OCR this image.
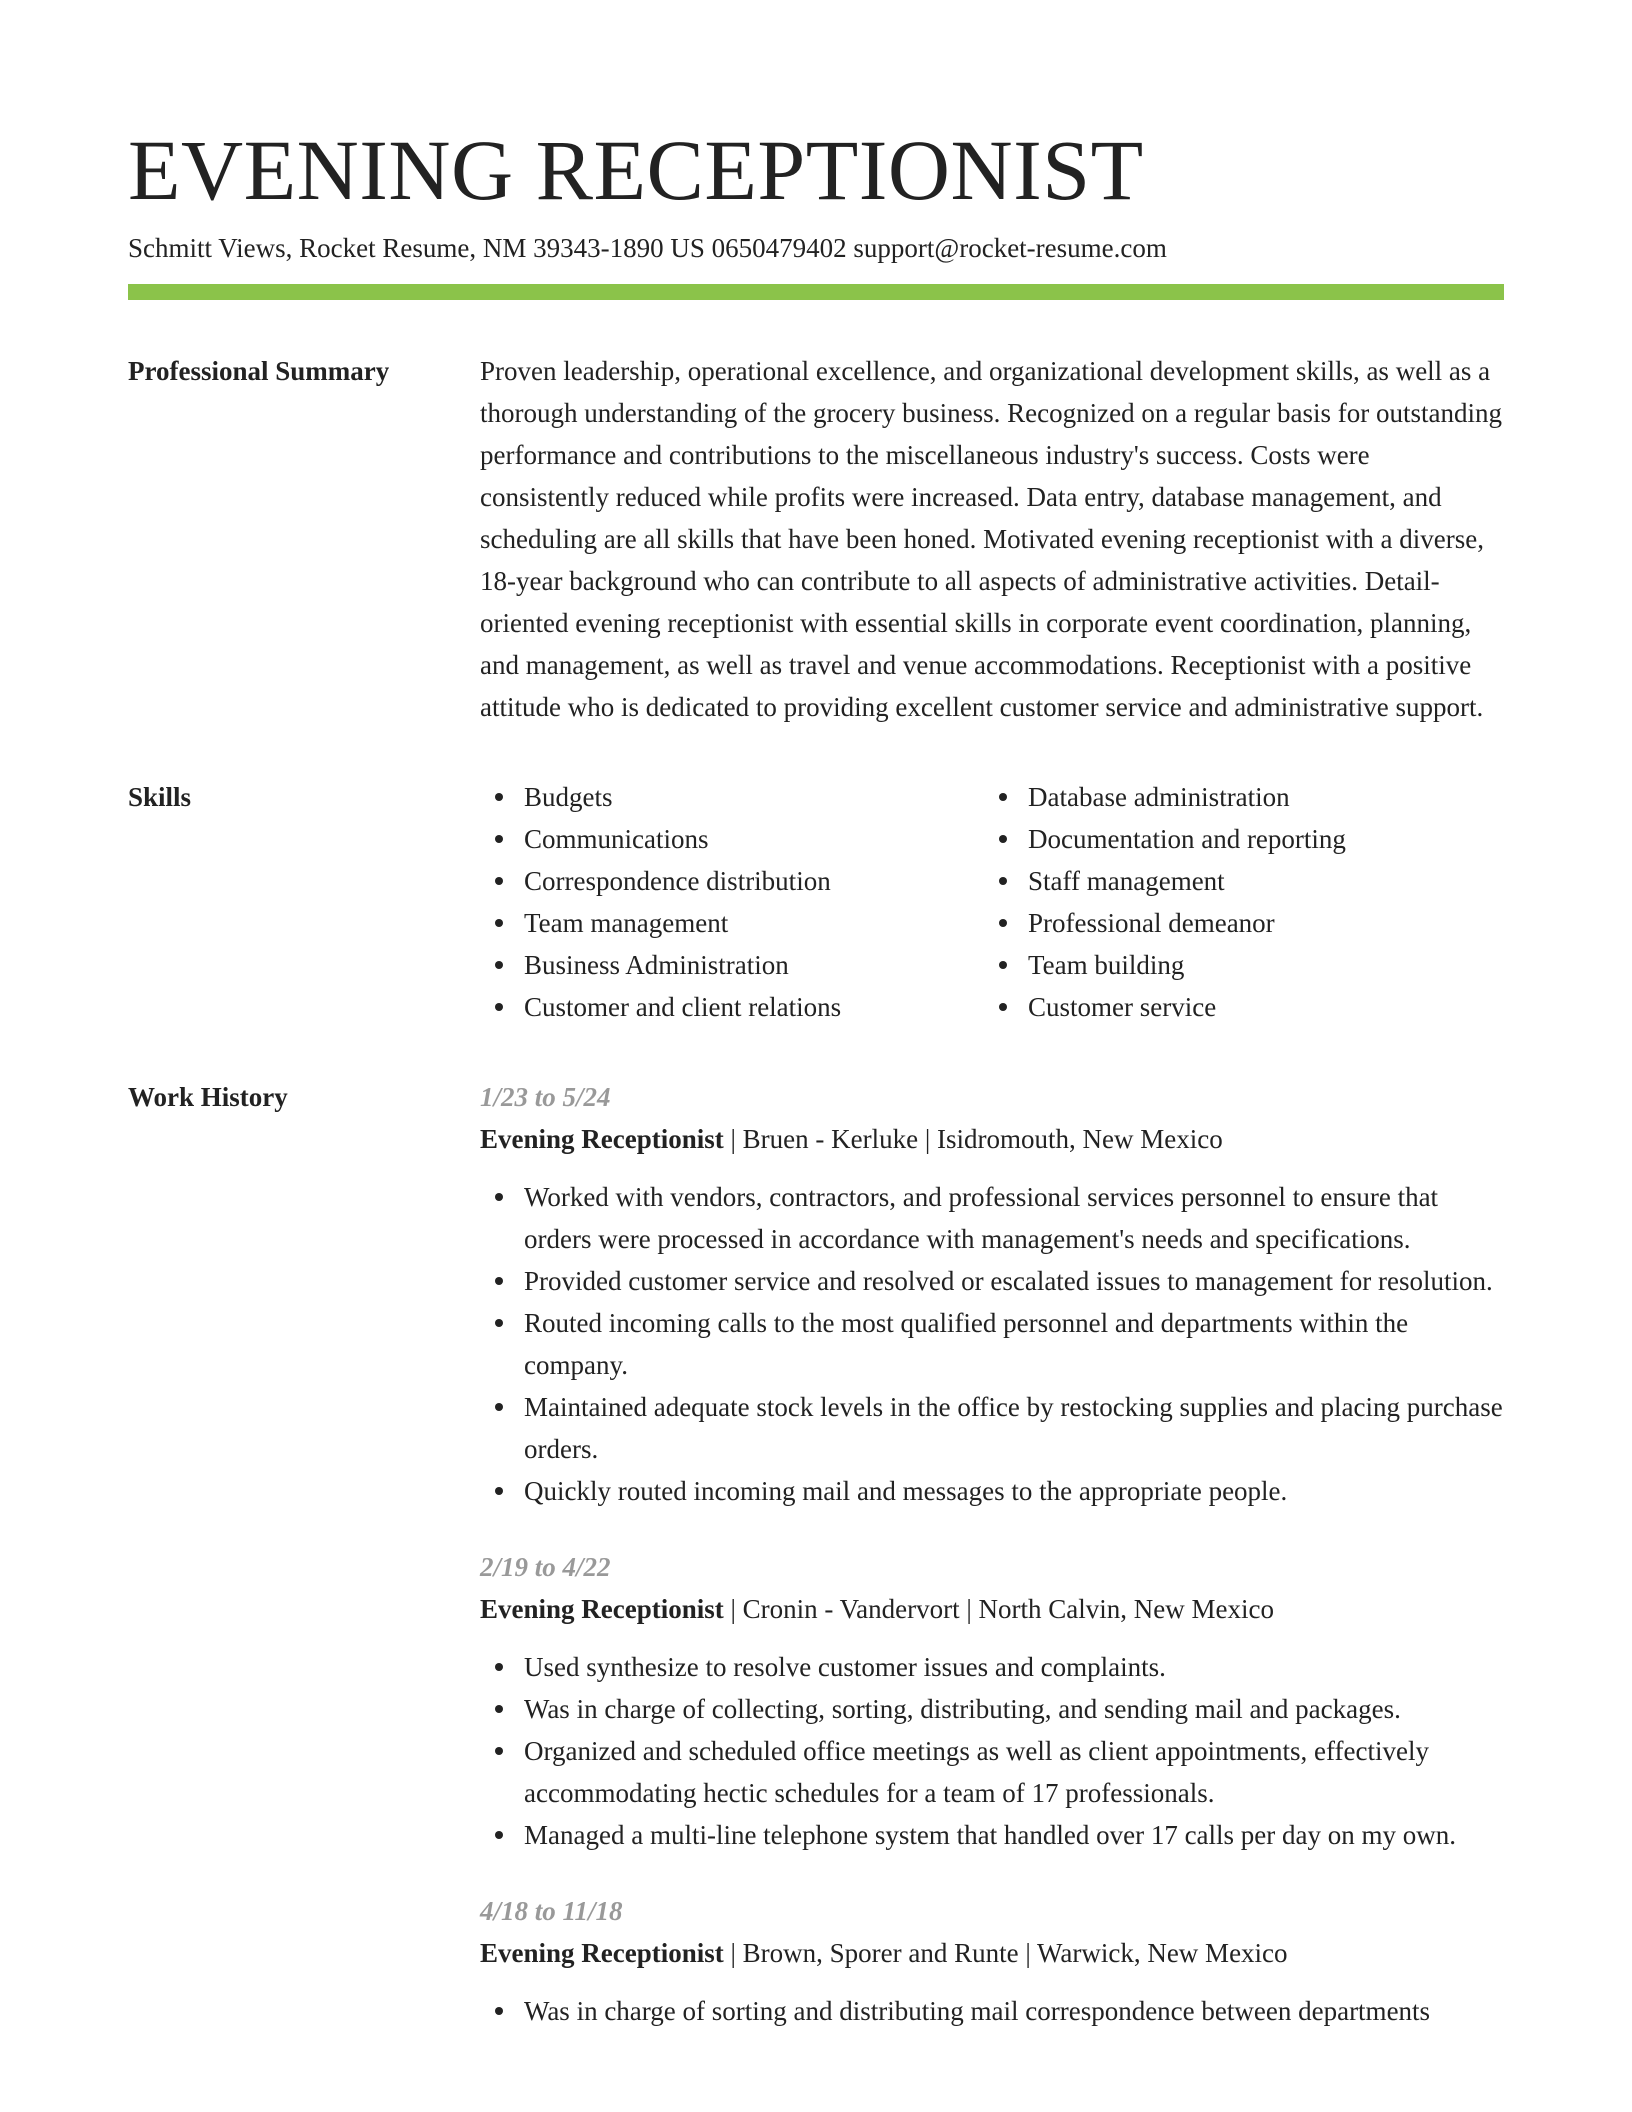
EVENING RECEPTIONIST
Schmitt Views, Rocket Resume, NM 39343-1890 US 0650479402 support@rocket-resume.com
Professional Summary	Proven leadership, operational excellence, and organizational development skills, as well as a thorough understanding of the grocery business. Recognized on a regular basis for outstanding performance and contributions to the miscellaneous industry's success. Costs were consistently reduced while profits were increased. Data entry, database management, and scheduling are all skills that have been honed. Motivated evening receptionist with a diverse, 18-year background who can contribute to all aspects of administrative activities. Detail-oriented evening receptionist with essential skills in corporate event coordination, planning, and management, as well as travel and venue accommodations. Receptionist with a positive attitude who is dedicated to providing excellent customer service and administrative support.

Skills	Budgets
Communications
Correspondence distribution
Team management
Business Administration
Customer and client relations
Database administration
Documentation and reporting
Staff management
Professional demeanor
Team building
Customer service
Work History	1/23 to 5/24
Evening Receptionist | Bruen - Kerluke | Isidromouth, New Mexico
Worked with vendors, contractors, and professional services personnel to ensure that orders were processed in accordance with management's needs and specifications.
Provided customer service and resolved or escalated issues to management for resolution.
Routed incoming calls to the most qualified personnel and departments within the company.
Maintained adequate stock levels in the office by restocking supplies and placing purchase orders.
Quickly routed incoming mail and messages to the appropriate people.
2/19 to 4/22
Evening Receptionist | Cronin - Vandervort | North Calvin, New Mexico
Used synthesize to resolve customer issues and complaints.
Was in charge of collecting, sorting, distributing, and sending mail and packages.
Organized and scheduled office meetings as well as client appointments, effectively accommodating hectic schedules for a team of 17 professionals.
Managed a multi-line telephone system that handled over 17 calls per day on my own.
4/18 to 11/18
Evening Receptionist | Brown, Sporer and Runte | Warwick, New Mexico
Was in charge of sorting and distributing mail correspondence between departments
